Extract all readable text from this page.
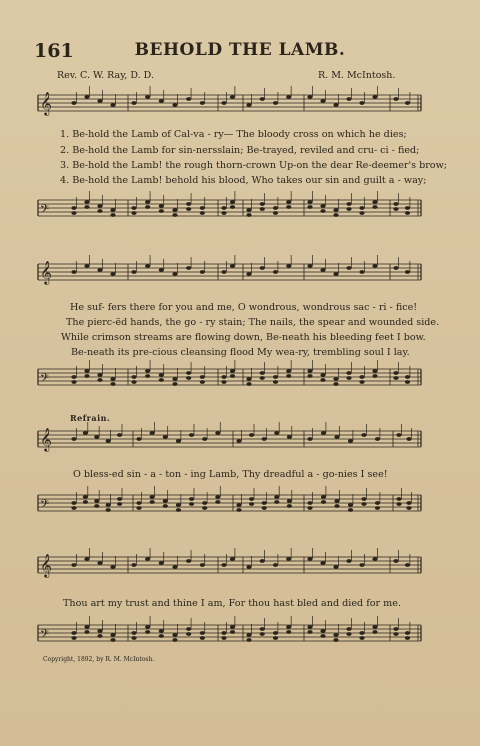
161	BEHOLD THE LAMB.
Rev. C. W. Ray, D. D.	R. M. McIntosh.
𝄞
𝄢
𝄞
𝄢
𝄞
𝄢
𝄞
𝄢
1. Be-hold the Lamb of Cal-va - ry— The bloody cross on which he dies;
2. Be-hold the Lamb for sin-nersslain; Be-trayed, reviled and cru- ci - fied;
3. Be-hold the Lamb! the rough thorn-crown Up-on the dear Re-deemer's brow;
4. Be-hold the Lamb! behold his blood, Who takes our sin and guilt a - way;
He suf- fers there for you and me, O wondrous, wondrous sac - ri - fice!
The pierc-ëd hands, the go - ry stain; The nails, the spear and wounded side.
While crimson streams are flowing down, Be-neath his bleeding feet I bow.
Be-neath its pre-cious cleansing flood My wea-ry, trembling soul I lay.
Refrain.
O bless-ed sin - a - ton - ing Lamb, Thy dreadful a - go-nies I see!
Thou art my trust and thine I am, For thou hast bled and died for me.
Copyright, 1892, by R. M. McIntosh.
